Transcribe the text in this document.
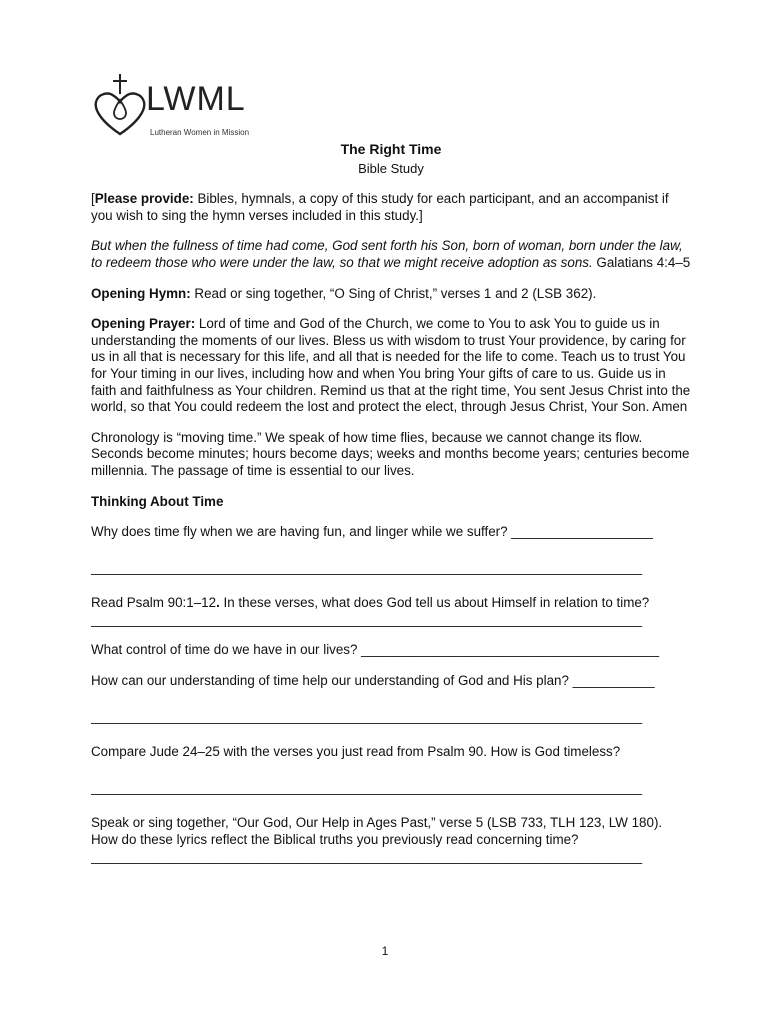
LWML
Lutheran Women in Mission

The Right Time

Bible Study

[Please provide: Bibles, hymnals, a copy of this study for each participant, and an accompanist if you wish to sing the hymn verses included in this study.]

But when the fullness of time had come, God sent forth his Son, born of woman, born under the law, to redeem those who were under the law, so that we might receive adoption as sons. Galatians 4:4–5

Opening Hymn: Read or sing together, “O Sing of Christ,” verses 1 and 2 (LSB 362).

Opening Prayer: Lord of time and God of the Church, we come to You to ask You to guide us in understanding the moments of our lives. Bless us with wisdom to trust Your providence, by caring for us in all that is necessary for this life, and all that is needed for the life to come. Teach us to trust You for Your timing in our lives, including how and when You bring Your gifts of care to us. Guide us in faith and faithfulness as Your children. Remind us that at the right time, You sent Jesus Christ into the world, so that You could redeem the lost and protect the elect, through Jesus Christ, Your Son. Amen

Chronology is “moving time.” We speak of how time flies, because we cannot change its flow. Seconds become minutes; hours become days; weeks and months become years; centuries become millennia. The passage of time is essential to our lives.

Thinking About Time

Why does time fly when we are having fun, and linger while we suffer? ___________________

__________________________________________________________________________

Read Psalm 90:1–12. In these verses, what does God tell us about Himself in relation to time?

__________________________________________________________________________

What control of time do we have in our lives? ________________________________________

How can our understanding of time help our understanding of God and His plan? ___________

__________________________________________________________________________

Compare Jude 24–25 with the verses you just read from Psalm 90. How is God timeless?

__________________________________________________________________________

Speak or sing together, “Our God, Our Help in Ages Past,” verse 5 (LSB 733, TLH 123, LW 180). How do these lyrics reflect the Biblical truths you previously read concerning time?

__________________________________________________________________________

1
